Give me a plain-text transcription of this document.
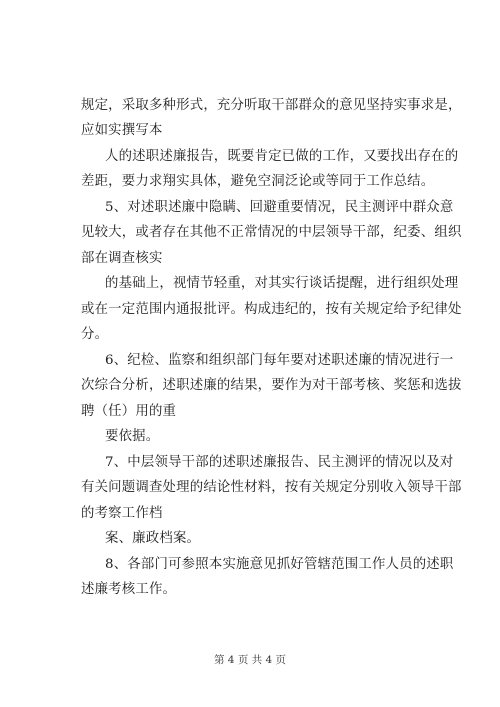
规定，采取多种形式，充分听取干部群众的意见坚持实事求是，
应如实撰写本
人的述职述廉报告，既要肯定已做的工作，又要找出存在的
差距，要力求翔实具体，避免空洞泛论或等同于工作总结。
5、对述职述廉中隐瞒、回避重要情况，民主测评中群众意
见较大，或者存在其他不正常情况的中层领导干部，纪委、组织
部在调查核实
的基础上，视情节轻重，对其实行谈话提醒，进行组织处理
或在一定范围内通报批评。构成违纪的，按有关规定给予纪律处
分。
6、纪检、监察和组织部门每年要对述职述廉的情况进行一
次综合分析，述职述廉的结果，要作为对干部考核、奖惩和选拔
聘（任）用的重
要依据。
7、中层领导干部的述职述廉报告、民主测评的情况以及对
有关问题调查处理的结论性材料，按有关规定分别收入领导干部
的考察工作档
案、廉政档案。
8、各部门可参照本实施意见抓好管辖范围工作人员的述职
述廉考核工作。
第 4 页 共 4 页
